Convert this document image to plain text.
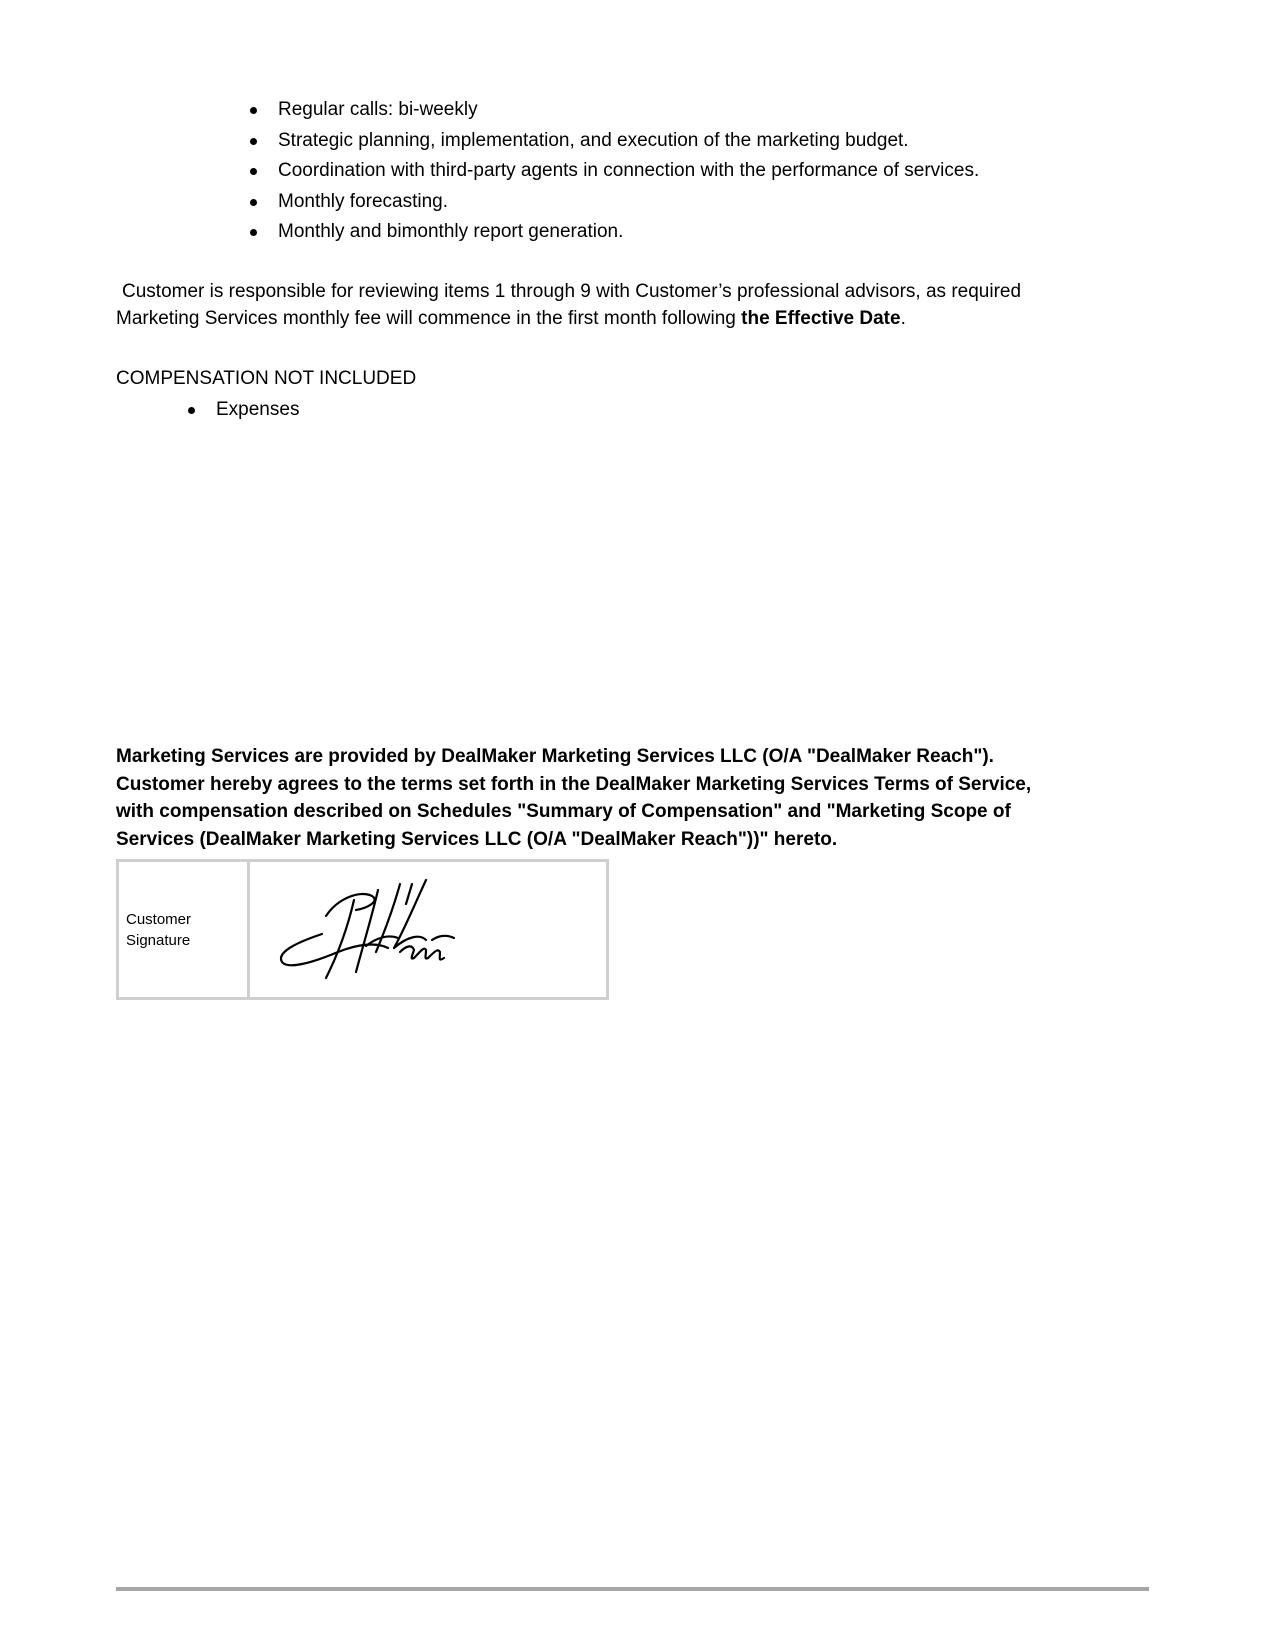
Regular calls: bi-weekly
Strategic planning, implementation, and execution of the marketing budget.
Coordination with third-party agents in connection with the performance of services.
Monthly forecasting.
Monthly and bimonthly report generation.
Customer is responsible for reviewing items 1 through 9 with Customer’s professional advisors, as required
Marketing Services monthly fee will commence in the first month following the Effective Date.
COMPENSATION NOT INCLUDED
Expenses
Marketing Services are provided by DealMaker Marketing Services LLC (O/A "DealMaker Reach").
Customer hereby agrees to the terms set forth in the DealMaker Marketing Services Terms of Service,
with compensation described on Schedules "Summary of Compensation" and "Marketing Scope of
Services (DealMaker Marketing Services LLC (O/A "DealMaker Reach"))" hereto.
Customer
Signature
